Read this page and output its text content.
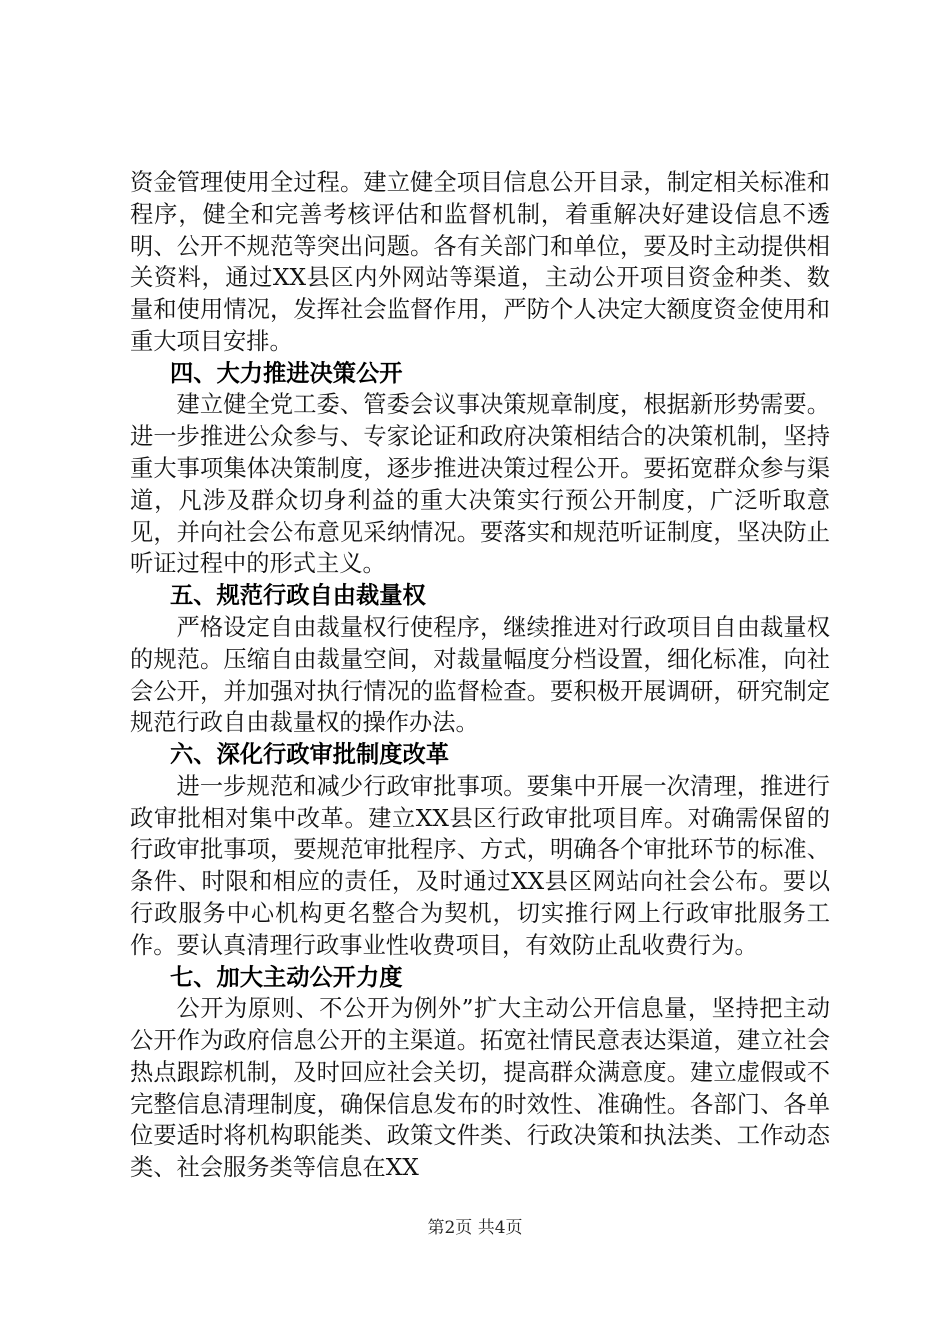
资金管理使用全过程。建立健全项目信息公开目录，制定相关标准和程序，健全和完善考核评估和监督机制，着重解决好建设信息不透明、公开不规范等突出问题。各有关部门和单位，要及时主动提供相关资料，通过XX县区内外网站等渠道，主动公开项目资金种类、数量和使用情况，发挥社会监督作用，严防个人决定大额度资金使用和重大项目安排。

四、大力推进决策公开

建立健全党工委、管委会议事决策规章制度，根据新形势需要。进一步推进公众参与、专家论证和政府决策相结合的决策机制，坚持重大事项集体决策制度，逐步推进决策过程公开。要拓宽群众参与渠道，凡涉及群众切身利益的重大决策实行预公开制度，广泛听取意见，并向社会公布意见采纳情况。要落实和规范听证制度，坚决防止听证过程中的形式主义。

五、规范行政自由裁量权

严格设定自由裁量权行使程序，继续推进对行政项目自由裁量权的规范。压缩自由裁量空间，对裁量幅度分档设置，细化标准，向社会公开，并加强对执行情况的监督检查。要积极开展调研，研究制定规范行政自由裁量权的操作办法。

六、深化行政审批制度改革

进一步规范和减少行政审批事项。要集中开展一次清理，推进行政审批相对集中改革。建立XX县区行政审批项目库。对确需保留的行政审批事项，要规范审批程序、方式，明确各个审批环节的标准、条件、时限和相应的责任，及时通过XX县区网站向社会公布。要以行政服务中心机构更名整合为契机，切实推行网上行政审批服务工作。要认真清理行政事业性收费项目，有效防止乱收费行为。

七、加大主动公开力度

公开为原则、不公开为例外”扩大主动公开信息量，坚持把主动公开作为政府信息公开的主渠道。拓宽社情民意表达渠道，建立社会热点跟踪机制，及时回应社会关切，提高群众满意度。建立虚假或不完整信息清理制度，确保信息发布的时效性、准确性。各部门、各单位要适时将机构职能类、政策文件类、行政决策和执法类、工作动态类、社会服务类等信息在XX

第2页 共4页
